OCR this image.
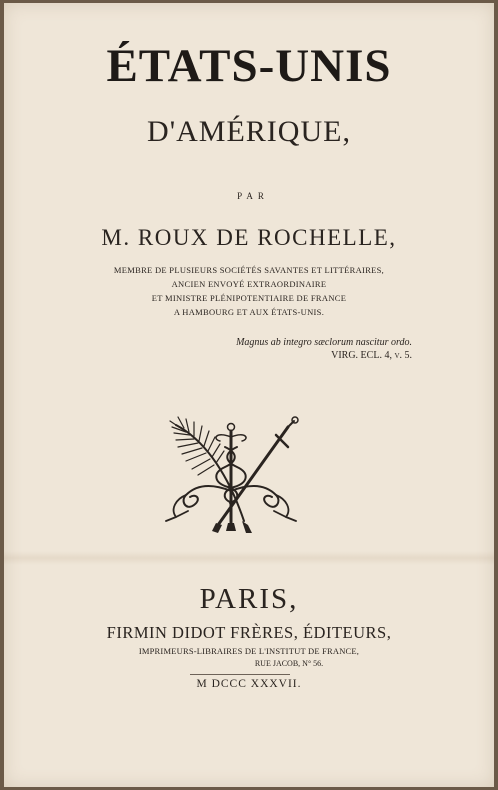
ÉTATS-UNIS
D'AMÉRIQUE,
PAR
M. ROUX DE ROCHELLE,
MEMBRE DE PLUSIEURS SOCIÉTÉS SAVANTES ET LITTÉRAIRES,
ANCIEN ENVOYÉ EXTRAORDINAIRE
ET MINISTRE PLÉNIPOTENTIAIRE DE FRANCE
A HAMBOURG ET AUX ÉTATS-UNIS.
Magnus ab integro sæclorum nascitur ordo.
VIRG. ECL. 4, v. 5.
PARIS,
FIRMIN DIDOT FRÈRES, ÉDITEURS,
IMPRIMEURS-LIBRAIRES DE L'INSTITUT DE FRANCE,
RUE JACOB, N° 56.
M DCCC XXXVII.
